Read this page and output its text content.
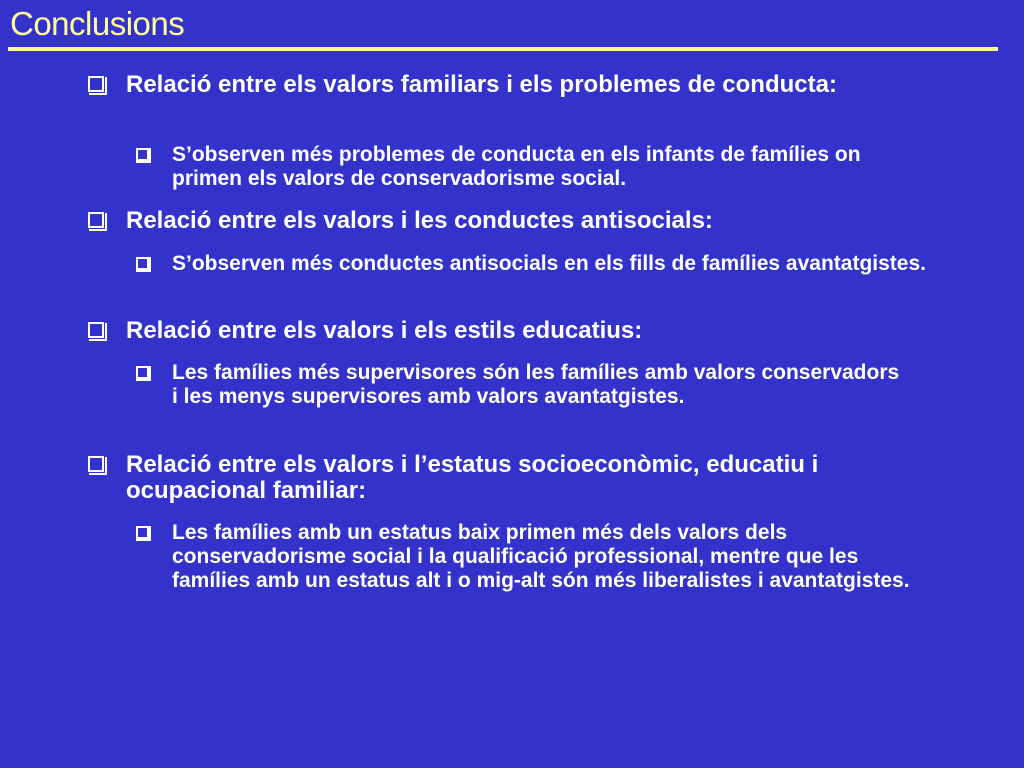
Conclusions
Relació entre els valors familiars i els problemes de conducta:
S’observen més problemes de conducta en els infants de famílies on primen els valors de conservadorisme social.
Relació entre els valors i les conductes antisocials:
S’observen més conductes antisocials en els fills de famílies avantatgistes.
Relació entre els valors i els estils educatius:
Les famílies més supervisores són les famílies amb valors conservadors i les menys supervisores amb valors avantatgistes.
Relació entre els valors i l’estatus socioeconòmic, educatiu i ocupacional familiar:
Les famílies amb un estatus baix primen més dels valors dels conservadorisme social i la qualificació professional, mentre que les famílies amb un estatus alt i o mig-alt són més liberalistes i avantatgistes.
